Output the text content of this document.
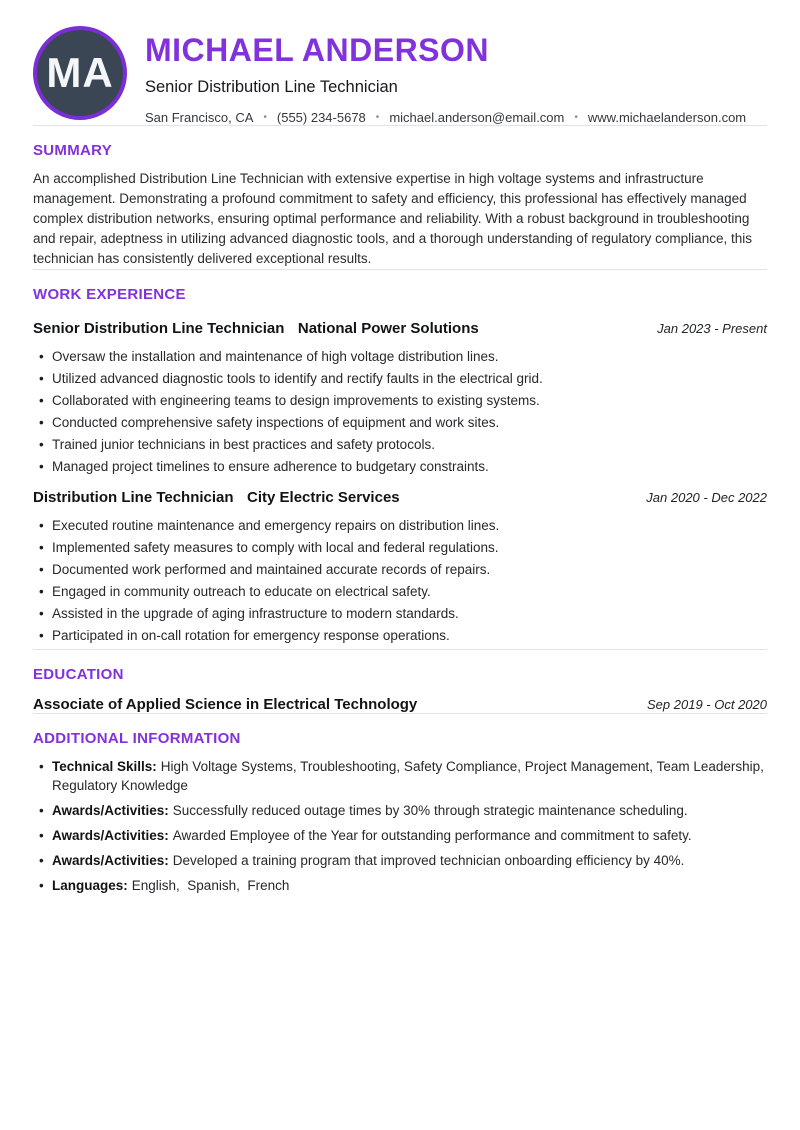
MA MICHAEL ANDERSON
Senior Distribution Line Technician
San Francisco, CA • (555) 234-5678 • michael.anderson@email.com • www.michaelanderson.com
SUMMARY

An accomplished Distribution Line Technician with extensive expertise in high voltage systems and infrastructure management. Demonstrating a profound commitment to safety and efficiency, this professional has effectively managed complex distribution networks, ensuring optimal performance and reliability. With a robust background in troubleshooting and repair, adeptness in utilizing advanced diagnostic tools, and a thorough understanding of regulatory compliance, this technician has consistently delivered exceptional results.

WORK EXPERIENCE
Senior Distribution Line Technician National Power Solutions	Jan 2023 - Present
• Oversaw the installation and maintenance of high voltage distribution lines.
• Utilized advanced diagnostic tools to identify and rectify faults in the electrical grid.
• Collaborated with engineering teams to design improvements to existing systems.
• Conducted comprehensive safety inspections of equipment and work sites.
• Trained junior technicians in best practices and safety protocols.
• Managed project timelines to ensure adherence to budgetary constraints.
Distribution Line Technician City Electric Services	Jan 2020 - Dec 2022
• Executed routine maintenance and emergency repairs on distribution lines.
• Implemented safety measures to comply with local and federal regulations.
• Documented work performed and maintained accurate records of repairs.
• Engaged in community outreach to educate on electrical safety.
• Assisted in the upgrade of aging infrastructure to modern standards.
• Participated in on-call rotation for emergency response operations.
EDUCATION
Associate of Applied Science in Electrical Technology	Sep 2019 - Oct 2020
ADDITIONAL INFORMATION
• Technical Skills: High Voltage Systems, Troubleshooting, Safety Compliance, Project Management, Team Leadership, Regulatory Knowledge
• Awards/Activities: Successfully reduced outage times by 30% through strategic maintenance scheduling.
• Awards/Activities: Awarded Employee of the Year for outstanding performance and commitment to safety.
• Awards/Activities: Developed a training program that improved technician onboarding efficiency by 40%.
• Languages: English,  Spanish,  French
